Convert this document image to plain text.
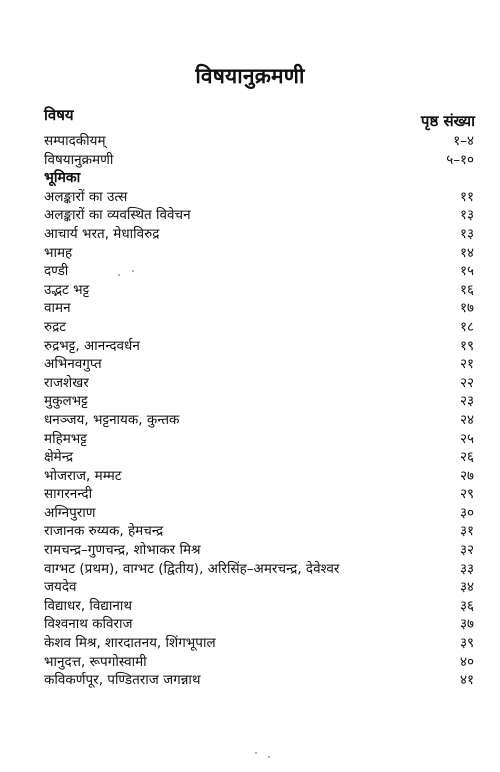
विषयानुक्रमणी
विषय	पृष्ठ संख्या
सम्पादकीयम्	१–४
विषयानुक्रमणी	५–१०
भूमिका
अलङ्कारों का उत्स	११
अलङ्कारों का व्यवस्थित विवेचन	१३
आचार्य भरत, मेधाविरुद्र	१३
भामह	१४
दण्डी	१५
उद्भट भट्ट	१६
वामन	१७
रुद्रट	१८
रुद्रभट्ट, आनन्दवर्धन	१९
अभिनवगुप्त	२१
राजशेखर	२२
मुकुलभट्ट	२३
धनञ्जय, भट्टनायक, कुन्तक	२४
महिमभट्ट	२५
क्षेमेन्द्र	२६
भोजराज, मम्मट	२७
सागरनन्दी	२९
अग्निपुराण	३०
राजानक रुय्यक, हेमचन्द्र	३१
रामचन्द्र–गुणचन्द्र, शोभाकर मिश्र	३२
वाग्भट (प्रथम), वाग्भट (द्वितीय), अरिसिंह–अमरचन्द्र, देवेश्वर	३३
जयदेव	३४
विद्याधर, विद्यानाथ	३६
विश्वनाथ कविराज	३७
केशव मिश्र, शारदातनय, शिंगभूपाल	३९
भानुदत्त, रूपगोस्वामी	४०
कविकर्णपूर, पण्डितराज जगन्नाथ	४१
